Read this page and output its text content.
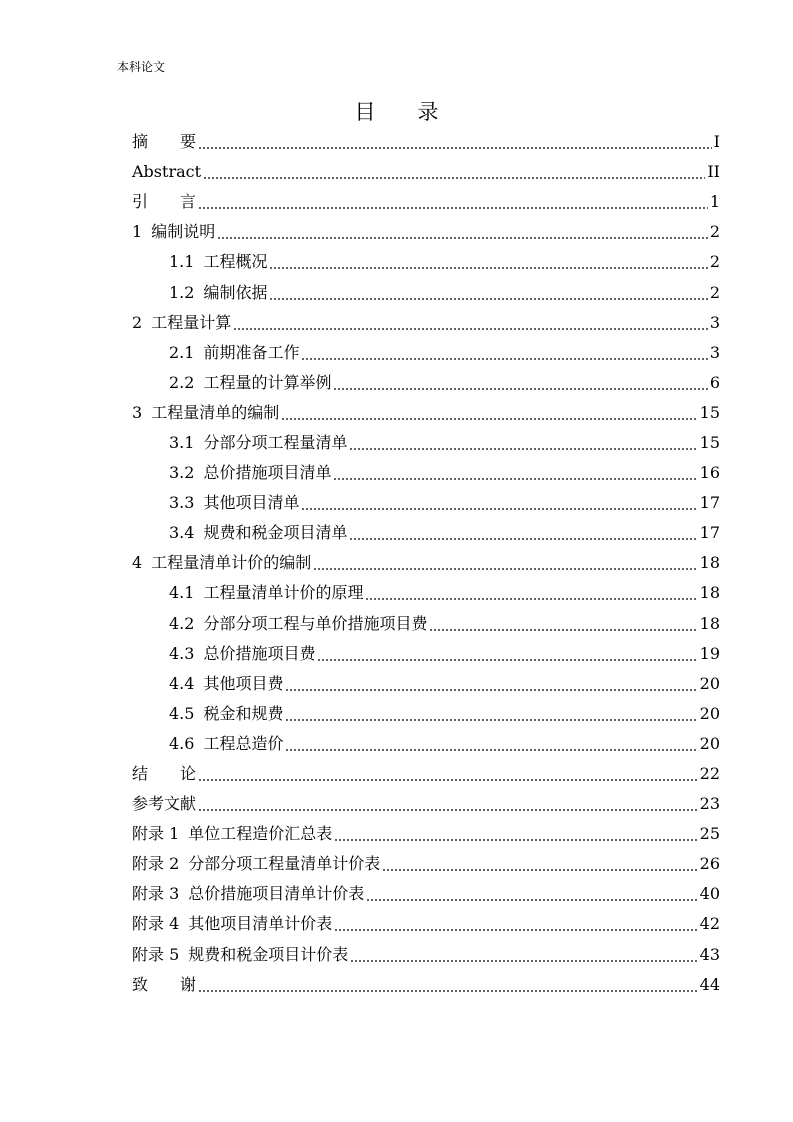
本科论文
目 录
摘　　要	I
Abstract	II
引　　言	1
1 编制说明	2
1.1 工程概况	2
1.2 编制依据	2
2 工程量计算	3
2.1 前期准备工作	3
2.2 工程量的计算举例	6
3 工程量清单的编制	15
3.1 分部分项工程量清单	15
3.2 总价措施项目清单	16
3.3 其他项目清单	17
3.4 规费和税金项目清单	17
4 工程量清单计价的编制	18
4.1 工程量清单计价的原理	18
4.2 分部分项工程与单价措施项目费	18
4.3 总价措施项目费	19
4.4 其他项目费	20
4.5 税金和规费	20
4.6 工程总造价	20
结　　论	22
参考文献	23
附录 1 单位工程造价汇总表	25
附录 2 分部分项工程量清单计价表	26
附录 3 总价措施项目清单计价表	40
附录 4 其他项目清单计价表	42
附录 5 规费和税金项目计价表	43
致　　谢	44
